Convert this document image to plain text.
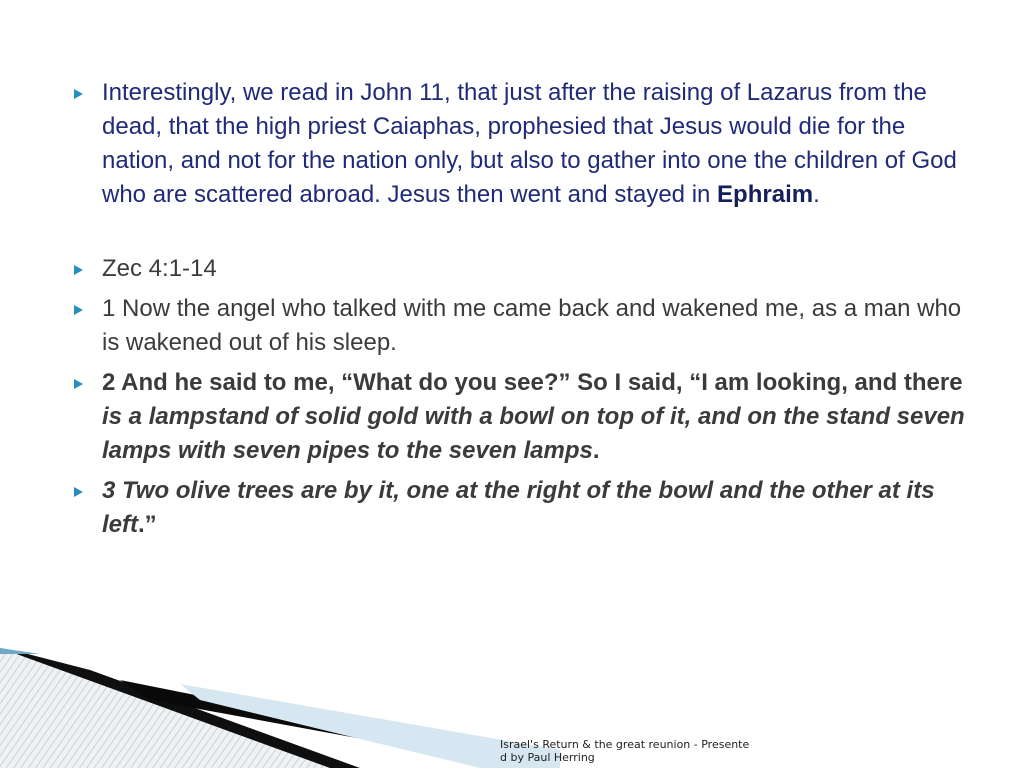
Interestingly, we read in John 11, that just after the raising of Lazarus from the dead, that the high priest Caiaphas, prophesied that Jesus would die for the nation, and not for the nation only, but also to gather into one the children of God who are scattered abroad. Jesus then went and stayed in Ephraim.
Zec 4:1-14
1 Now the angel who talked with me came back and wakened me, as a man who is wakened out of his sleep.
2 And he said to me, “What do you see?” So I said, “I am looking, and there is a lampstand of solid gold with a bowl on top of it, and on the stand seven lamps with seven pipes to the seven lamps.
3 Two olive trees are by it, one at the right of the bowl and the other at its left.”
Israel's Return & the great reunion - Presented by Paul Herring
